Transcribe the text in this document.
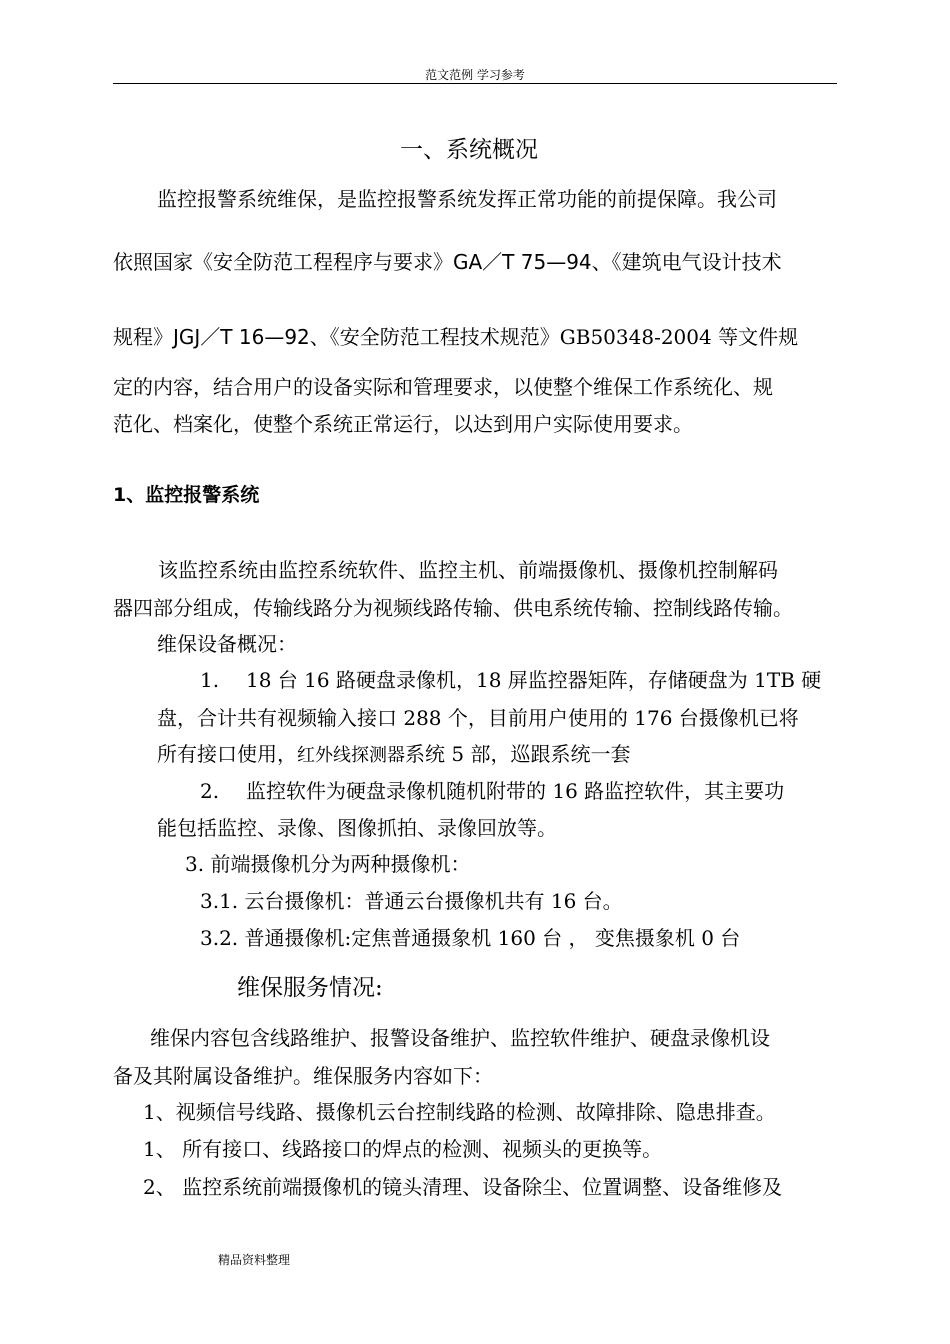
范文范例 学习参考
一、系统概况
监控报警系统维保，是监控报警系统发挥正常功能的前提保障。我公司
依照国家《安全防范工程程序与要求》GA／T 75—94、《建筑电气设计技术
规程》JGJ／T 16—92、《安全防范工程技术规范》GB50348-2004 等文件规
定的内容，结合用户的设备实际和管理要求，以使整个维保工作系统化、规
范化、档案化，使整个系统正常运行，以达到用户实际使用要求。
1、监控报警系统
该监控系统由监控系统软件、监控主机、前端摄像机、摄像机控制解码
器四部分组成，传输线路分为视频线路传输、供电系统传输、控制线路传输。
维保设备概况：
1. 18 台 16 路硬盘录像机，18 屏监控器矩阵，存储硬盘为 1TB 硬
盘，合计共有视频输入接口 288 个，目前用户使用的 176 台摄像机已将
所有接口使用，红外线探测器系统 5 部，巡跟系统一套
2. 监控软件为硬盘录像机随机附带的 16 路监控软件，其主要功
能包括监控、录像、图像抓拍、录像回放等。
3. 前端摄像机分为两种摄像机：
3.1. 云台摄像机：普通云台摄像机共有 16 台。
3.2. 普通摄像机:定焦普通摄象机 160 台 ， 变焦摄象机 0 台
维保服务情况:
维保内容包含线路维护、报警设备维护、监控软件维护、硬盘录像机设
备及其附属设备维护。维保服务内容如下：
1、视频信号线路、摄像机云台控制线路的检测、故障排除、隐患排查。
1、 所有接口、线路接口的焊点的检测、视频头的更换等。
2、 监控系统前端摄像机的镜头清理、设备除尘、位置调整、设备维修及
精品资料整理
